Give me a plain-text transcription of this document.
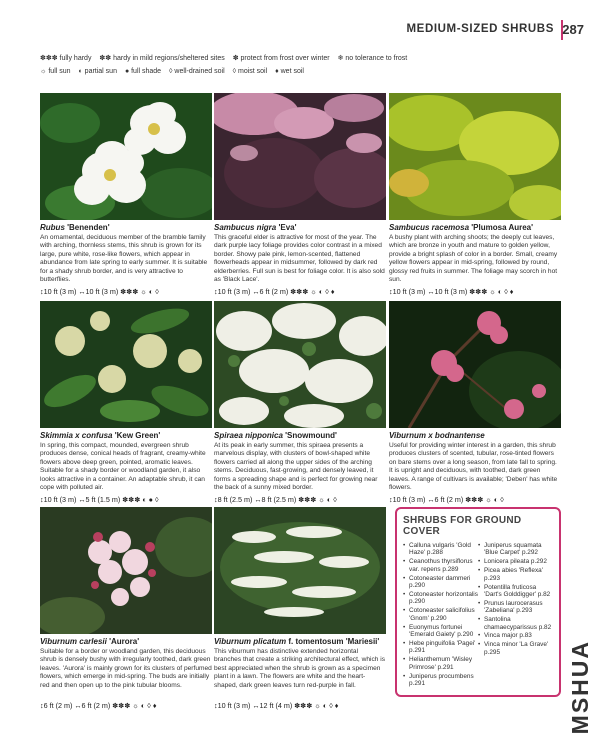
MEDIUM-SIZED SHRUBS 287
✽✽✽ fully hardy ✽✽ hardy in mild regions/sheltered sites ✽ protect from frost over winter ❄ no tolerance to frost
☼ full sun ◐ partial sun ● full shade ◊ well-drained soil ◊ moist soil ♦ wet soil
Rubus 'Benenden'
An ornamental, deciduous member of the bramble family with arching, thornless stems, this shrub is grown for its large, pure white, rose-like flowers, which appear in abundance from late spring to early summer. It is suitable for a shady shrub border, and is very attractive to butterflies.
↕10 ft (3 m) ↔10 ft (3 m) ✽✽✽ ☼ ◐ ◊
Sambucus nigra 'Eva'
This graceful elder is attractive for most of the year. The dark purple lacy foliage provides color contrast in a mixed border. Showy pale pink, lemon-scented, flattened flowerheads appear in midsummer, followed by dark red elderberries. Full sun is best for foliage color. It is also sold as 'Black Lace'.
↕10 ft (3 m) ↔6 ft (2 m) ✽✽✽ ☼ ◐ ◊ ♦
Sambucus racemosa 'Plumosa Aurea'
A bushy plant with arching shoots; the deeply cut leaves, which are bronze in youth and mature to golden yellow, provide a bright splash of color in a border. Small, creamy yellow flowers appear in mid-spring, followed by round, glossy red fruits in summer. The foliage may scorch in hot sun.
↕10 ft (3 m) ↔10 ft (3 m) ✽✽✽ ☼ ◐ ◊ ♦
Skimmia x confusa 'Kew Green'
In spring, this compact, mounded, evergreen shrub produces dense, conical heads of fragrant, creamy-white flowers above deep green, pointed, aromatic leaves. Suitable for a shady border or woodland garden, it also looks attractive in a container. An adaptable shrub, it can cope with polluted air.
↕10 ft (3 m) ↔5 ft (1.5 m) ✽✽✽ ◐ ● ◊
Spiraea nipponica 'Snowmound'
At its peak in early summer, this spiraea presents a marvelous display, with clusters of bowl-shaped white flowers carried all along the upper sides of the arching stems. Deciduous, fast-growing, and densely leaved, it forms a spreading shape and is perfect for growing near the back of a sunny mixed border.
↕8 ft (2.5 m) ↔8 ft (2.5 m) ✽✽✽ ☼ ◐ ◊
Viburnum x bodnantense
Useful for providing winter interest in a garden, this shrub produces clusters of scented, tubular, rose-tinted flowers on bare stems over a long season, from late fall to spring. It is upright and deciduous, with toothed, dark green leaves. A range of cultivars is available; 'Deben' has white flowers.
↕10 ft (3 m) ↔6 ft (2 m) ✽✽✽ ☼ ◐ ◊
Viburnum carlesii 'Aurora'
Suitable for a border or woodland garden, this deciduous shrub is densely bushy with irregularly toothed, dark green leaves. 'Aurora' is mainly grown for its clusters of perfumed flowers, which emerge in mid-spring. The buds are initially red and then open up to the pink tubular blooms.
↕6 ft (2 m) ↔6 ft (2 m) ✽✽✽ ☼ ◐ ◊ ♦
Viburnum plicatum f. tomentosum 'Mariesii'
This viburnum has distinctive extended horizontal branches that create a striking architectural effect, which is best appreciated when the shrub is grown as a specimen plant in a lawn. The flowers are white and the heart-shaped, dark green leaves turn red-purple in fall.
↕10 ft (3 m) ↔12 ft (4 m) ✽✽✽ ☼ ◐ ◊ ♦
SHRUBS FOR GROUND COVER
• Calluna vulgaris 'Gold Haze' p.288
• Ceanothus thyrsiflorus var. repens p.289
• Cotoneaster dammeri p.290
• Cotoneaster horizontalis p.290
• Cotoneaster salicifolius 'Gnom' p.290
• Euonymus fortunei 'Emerald Gaiety' p.290
• Hebe pinguifolia 'Pagei' p.291
• Helianthemum 'Wisley Primrose' p.291
• Juniperus procumbens p.291
• Juniperus squamata 'Blue Carpet' p.292
• Lonicera pileata p.292
• Picea abies 'Reflexa' p.293
• Potentilla fruticosa 'Dart's Golddigger' p.82
• Prunus laurocerasus 'Zabeliana' p.293
• Santolina chamaecyparissus p.82
• Vinca major p.83
• Vinca minor 'La Grave' p.295	MSHUA
